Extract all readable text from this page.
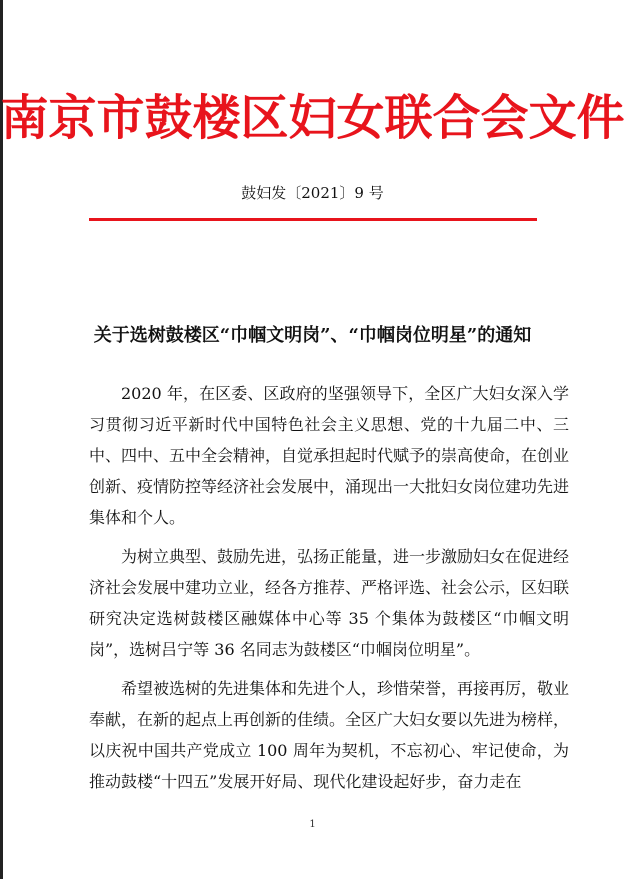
南京市鼓楼区妇女联合会文件
鼓妇发〔2021〕9 号
关于选树鼓楼区“巾帼文明岗”、“巾帼岗位明星”的通知

2020 年，在区委、区政府的坚强领导下，全区广大妇女深入学习贯彻习近平新时代中国特色社会主义思想、党的十九届二中、三中、四中、五中全会精神，自觉承担起时代赋予的崇高使命，在创业创新、疫情防控等经济社会发展中，涌现出一大批妇女岗位建功先进集体和个人。

为树立典型、鼓励先进，弘扬正能量，进一步激励妇女在促进经济社会发展中建功立业，经各方推荐、严格评选、社会公示，区妇联研究决定选树鼓楼区融媒体中心等 35 个集体为鼓楼区“巾帼文明岗”，选树吕宁等 36 名同志为鼓楼区“巾帼岗位明星”。

希望被选树的先进集体和先进个人，珍惜荣誉，再接再厉，敬业奉献，在新的起点上再创新的佳绩。全区广大妇女要以先进为榜样，以庆祝中国共产党成立 100 周年为契机，不忘初心、牢记使命，为推动鼓楼“十四五”发展开好局、现代化建设起好步，奋力走在

1
